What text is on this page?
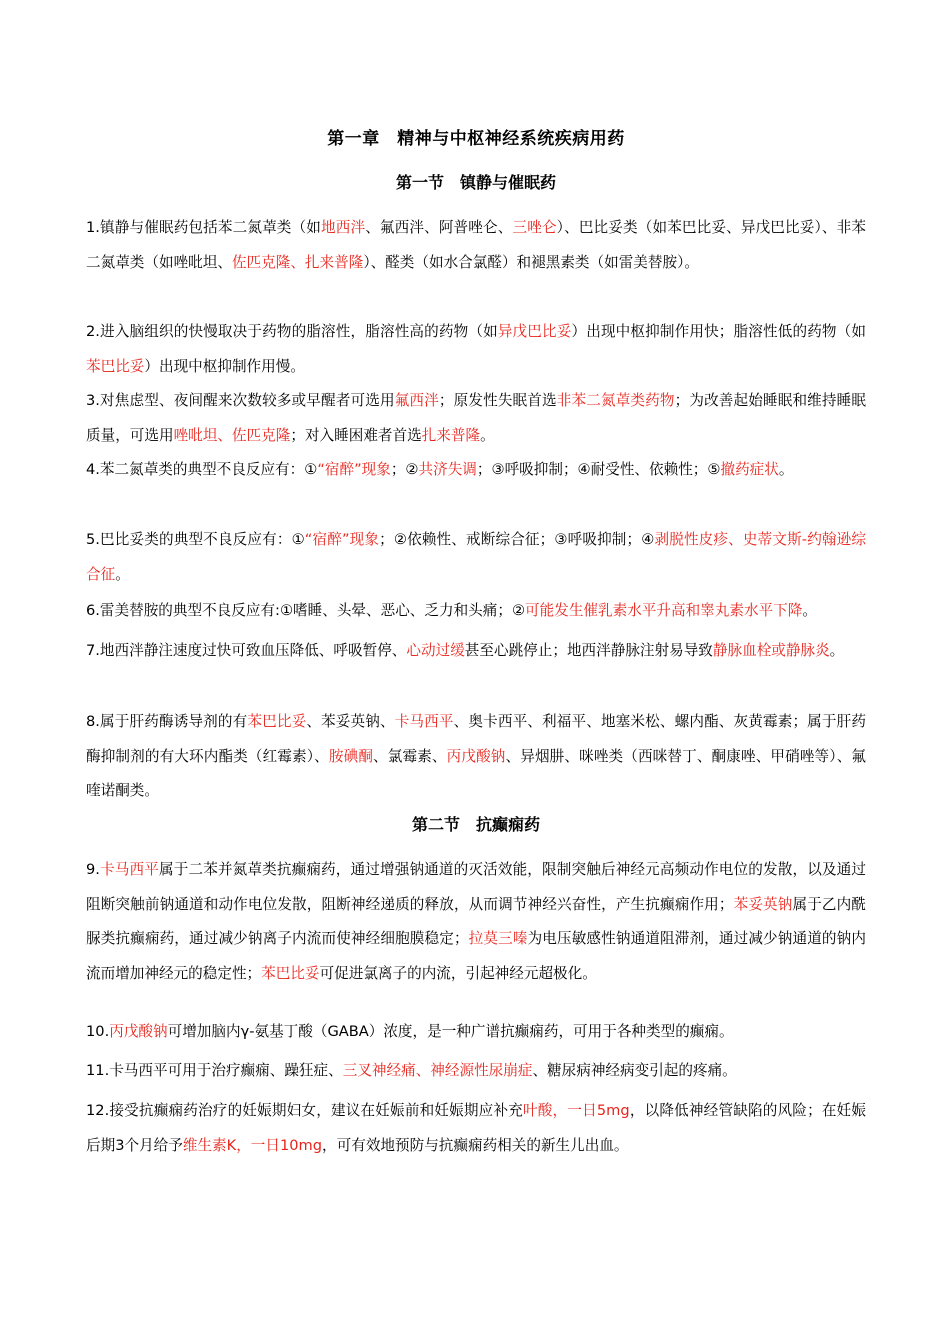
第一章　精神与中枢神经系统疾病用药
第一节　镇静与催眠药
1.镇静与催眠药包括苯二氮䓬类（如地西泮、氟西泮、阿普唑仑、三唑仑）、巴比妥类（如苯巴比妥、异戊巴比妥）、非苯二氮䓬类（如唑吡坦、佐匹克隆、扎来普隆）、醛类（如水合氯醛）和褪黑素类（如雷美替胺）。
2.进入脑组织的快慢取决于药物的脂溶性，脂溶性高的药物（如异戊巴比妥）出现中枢抑制作用快；脂溶性低的药物（如苯巴比妥）出现中枢抑制作用慢。
3.对焦虑型、夜间醒来次数较多或早醒者可选用氟西泮；原发性失眠首选非苯二氮䓬类药物；为改善起始睡眠和维持睡眠质量，可选用唑吡坦、佐匹克隆；对入睡困难者首选扎来普隆。
4.苯二氮䓬类的典型不良反应有：①“宿醉”现象；②共济失调；③呼吸抑制；④耐受性、依赖性；⑤撤药症状。
5.巴比妥类的典型不良反应有：①“宿醉”现象；②依赖性、戒断综合征；③呼吸抑制；④剥脱性皮疹、史蒂文斯-约翰逊综合征。
6.雷美替胺的典型不良反应有:①嗜睡、头晕、恶心、乏力和头痛；②可能发生催乳素水平升高和睾丸素水平下降。
7.地西泮静注速度过快可致血压降低、呼吸暂停、心动过缓甚至心跳停止；地西泮静脉注射易导致静脉血栓或静脉炎。
8.属于肝药酶诱导剂的有苯巴比妥、苯妥英钠、卡马西平、奥卡西平、利福平、地塞米松、螺内酯、灰黄霉素；属于肝药酶抑制剂的有大环内酯类（红霉素）、胺碘酮、氯霉素、丙戊酸钠、异烟肼、咪唑类（西咪替丁、酮康唑、甲硝唑等）、氟喹诺酮类。
第二节　抗癫痫药
9.卡马西平属于二苯并氮䓬类抗癫痫药，通过增强钠通道的灭活效能，限制突触后神经元高频动作电位的发散，以及通过阻断突触前钠通道和动作电位发散，阻断神经递质的释放，从而调节神经兴奋性，产生抗癫痫作用；苯妥英钠属于乙内酰脲类抗癫痫药，通过减少钠离子内流而使神经细胞膜稳定；拉莫三嗪为电压敏感性钠通道阻滞剂，通过减少钠通道的钠内流而增加神经元的稳定性；苯巴比妥可促进氯离子的内流，引起神经元超极化。
10.丙戊酸钠可增加脑内γ-氨基丁酸（GABA）浓度，是一种广谱抗癫痫药，可用于各种类型的癫痫。
11.卡马西平可用于治疗癫痫、躁狂症、三叉神经痛、神经源性尿崩症、糖尿病神经病变引起的疼痛。
12.接受抗癫痫药治疗的妊娠期妇女，建议在妊娠前和妊娠期应补充叶酸，一日5mg，以降低神经管缺陷的风险；在妊娠后期3个月给予维生素K，一日10mg，可有效地预防与抗癫痫药相关的新生儿出血。
